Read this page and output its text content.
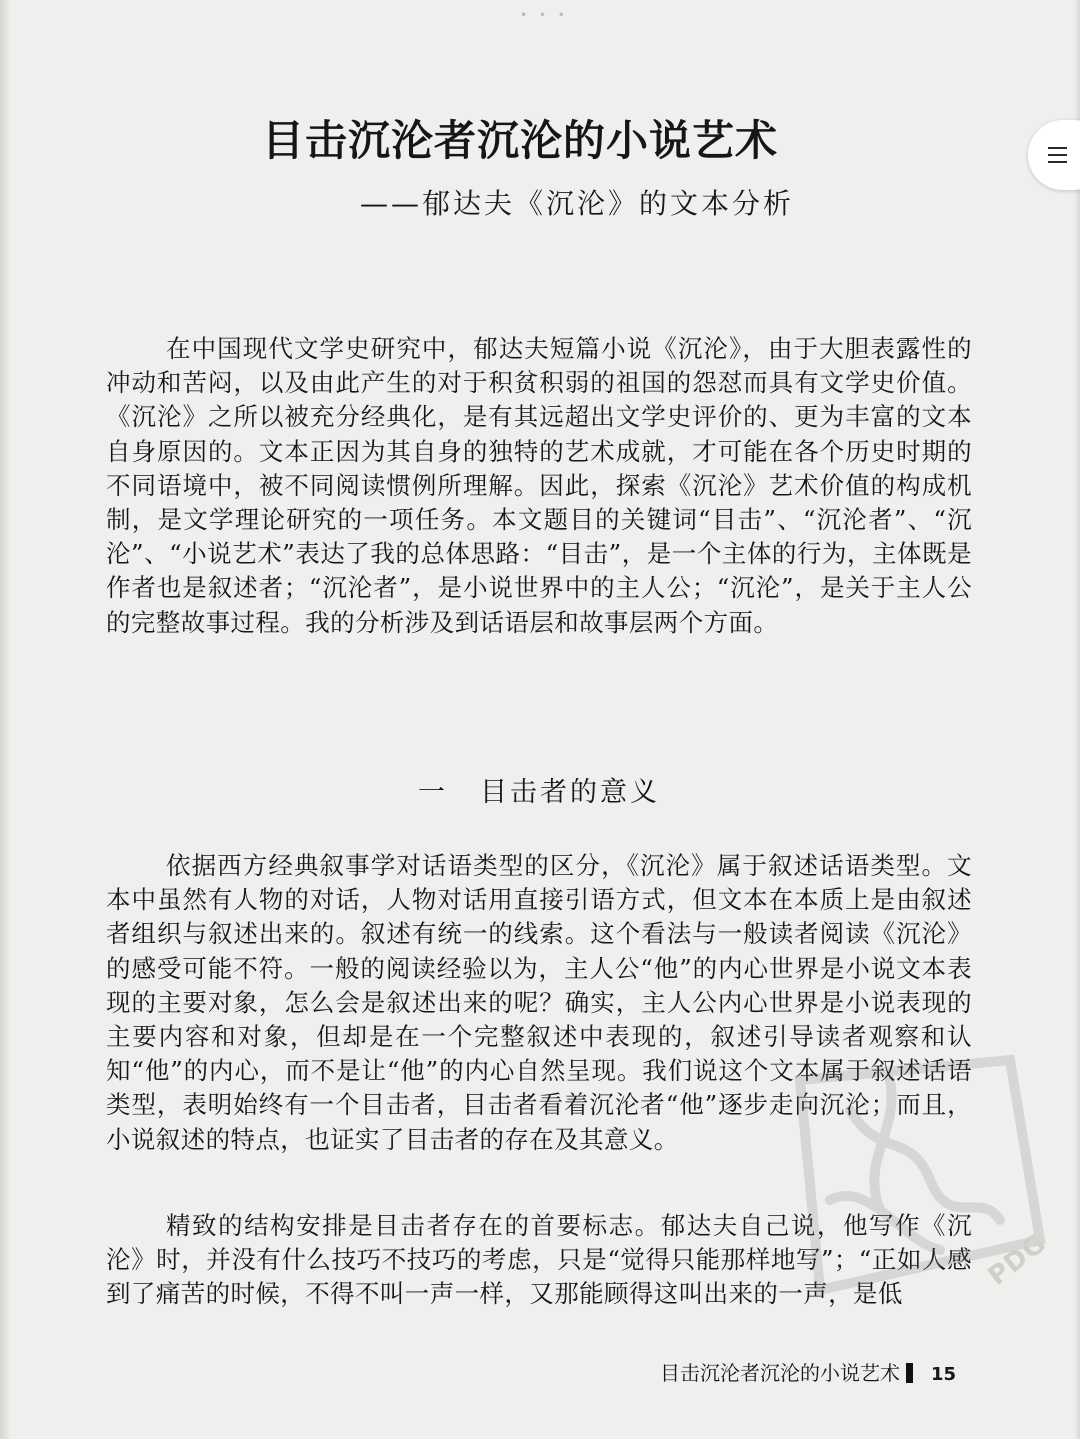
• • •
目击沉沦者沉沦的小说艺术
——郁达夫《沉沦》的文本分析

在中国现代文学史研究中，郁达夫短篇小说《沉沦》，由于大胆表露性的冲动和苦闷，以及由此产生的对于积贫积弱的祖国的怨怼而具有文学史价值。《沉沦》之所以被充分经典化，是有其远超出文学史评价的、更为丰富的文本自身原因的。文本正因为其自身的独特的艺术成就，才可能在各个历史时期的不同语境中，被不同阅读惯例所理解。因此，探索《沉沦》艺术价值的构成机制，是文学理论研究的一项任务。本文题目的关键词“目击”、“沉沦者”、“沉沦”、“小说艺术”表达了我的总体思路：“目击”，是一个主体的行为，主体既是作者也是叙述者；“沉沦者”，是小说世界中的主人公；“沉沦”，是关于主人公的完整故事过程。我的分析涉及到话语层和故事层两个方面。

一 目击者的意义

依据西方经典叙事学对话语类型的区分，《沉沦》属于叙述话语类型。文本中虽然有人物的对话，人物对话用直接引语方式，但文本在本质上是由叙述者组织与叙述出来的。叙述有统一的线索。这个看法与一般读者阅读《沉沦》的感受可能不符。一般的阅读经验以为，主人公“他”的内心世界是小说文本表现的主要对象，怎么会是叙述出来的呢？确实，主人公内心世界是小说表现的主要内容和对象，但却是在一个完整叙述中表现的，叙述引导读者观察和认知“他”的内心，而不是让“他”的内心自然呈现。我们说这个文本属于叙述话语类型，表明始终有一个目击者，目击者看着沉沦者“他”逐步走向沉沦；而且，小说叙述的特点，也证实了目击者的存在及其意义。

精致的结构安排是目击者存在的首要标志。郁达夫自己说，他写作《沉沦》时，并没有什么技巧不技巧的考虑，只是“觉得只能那样地写”；“正如人感到了痛苦的时候，不得不叫一声一样，又那能顾得这叫出来的一声，是低

PDG
目击沉沦者沉沦的小说艺术 15
